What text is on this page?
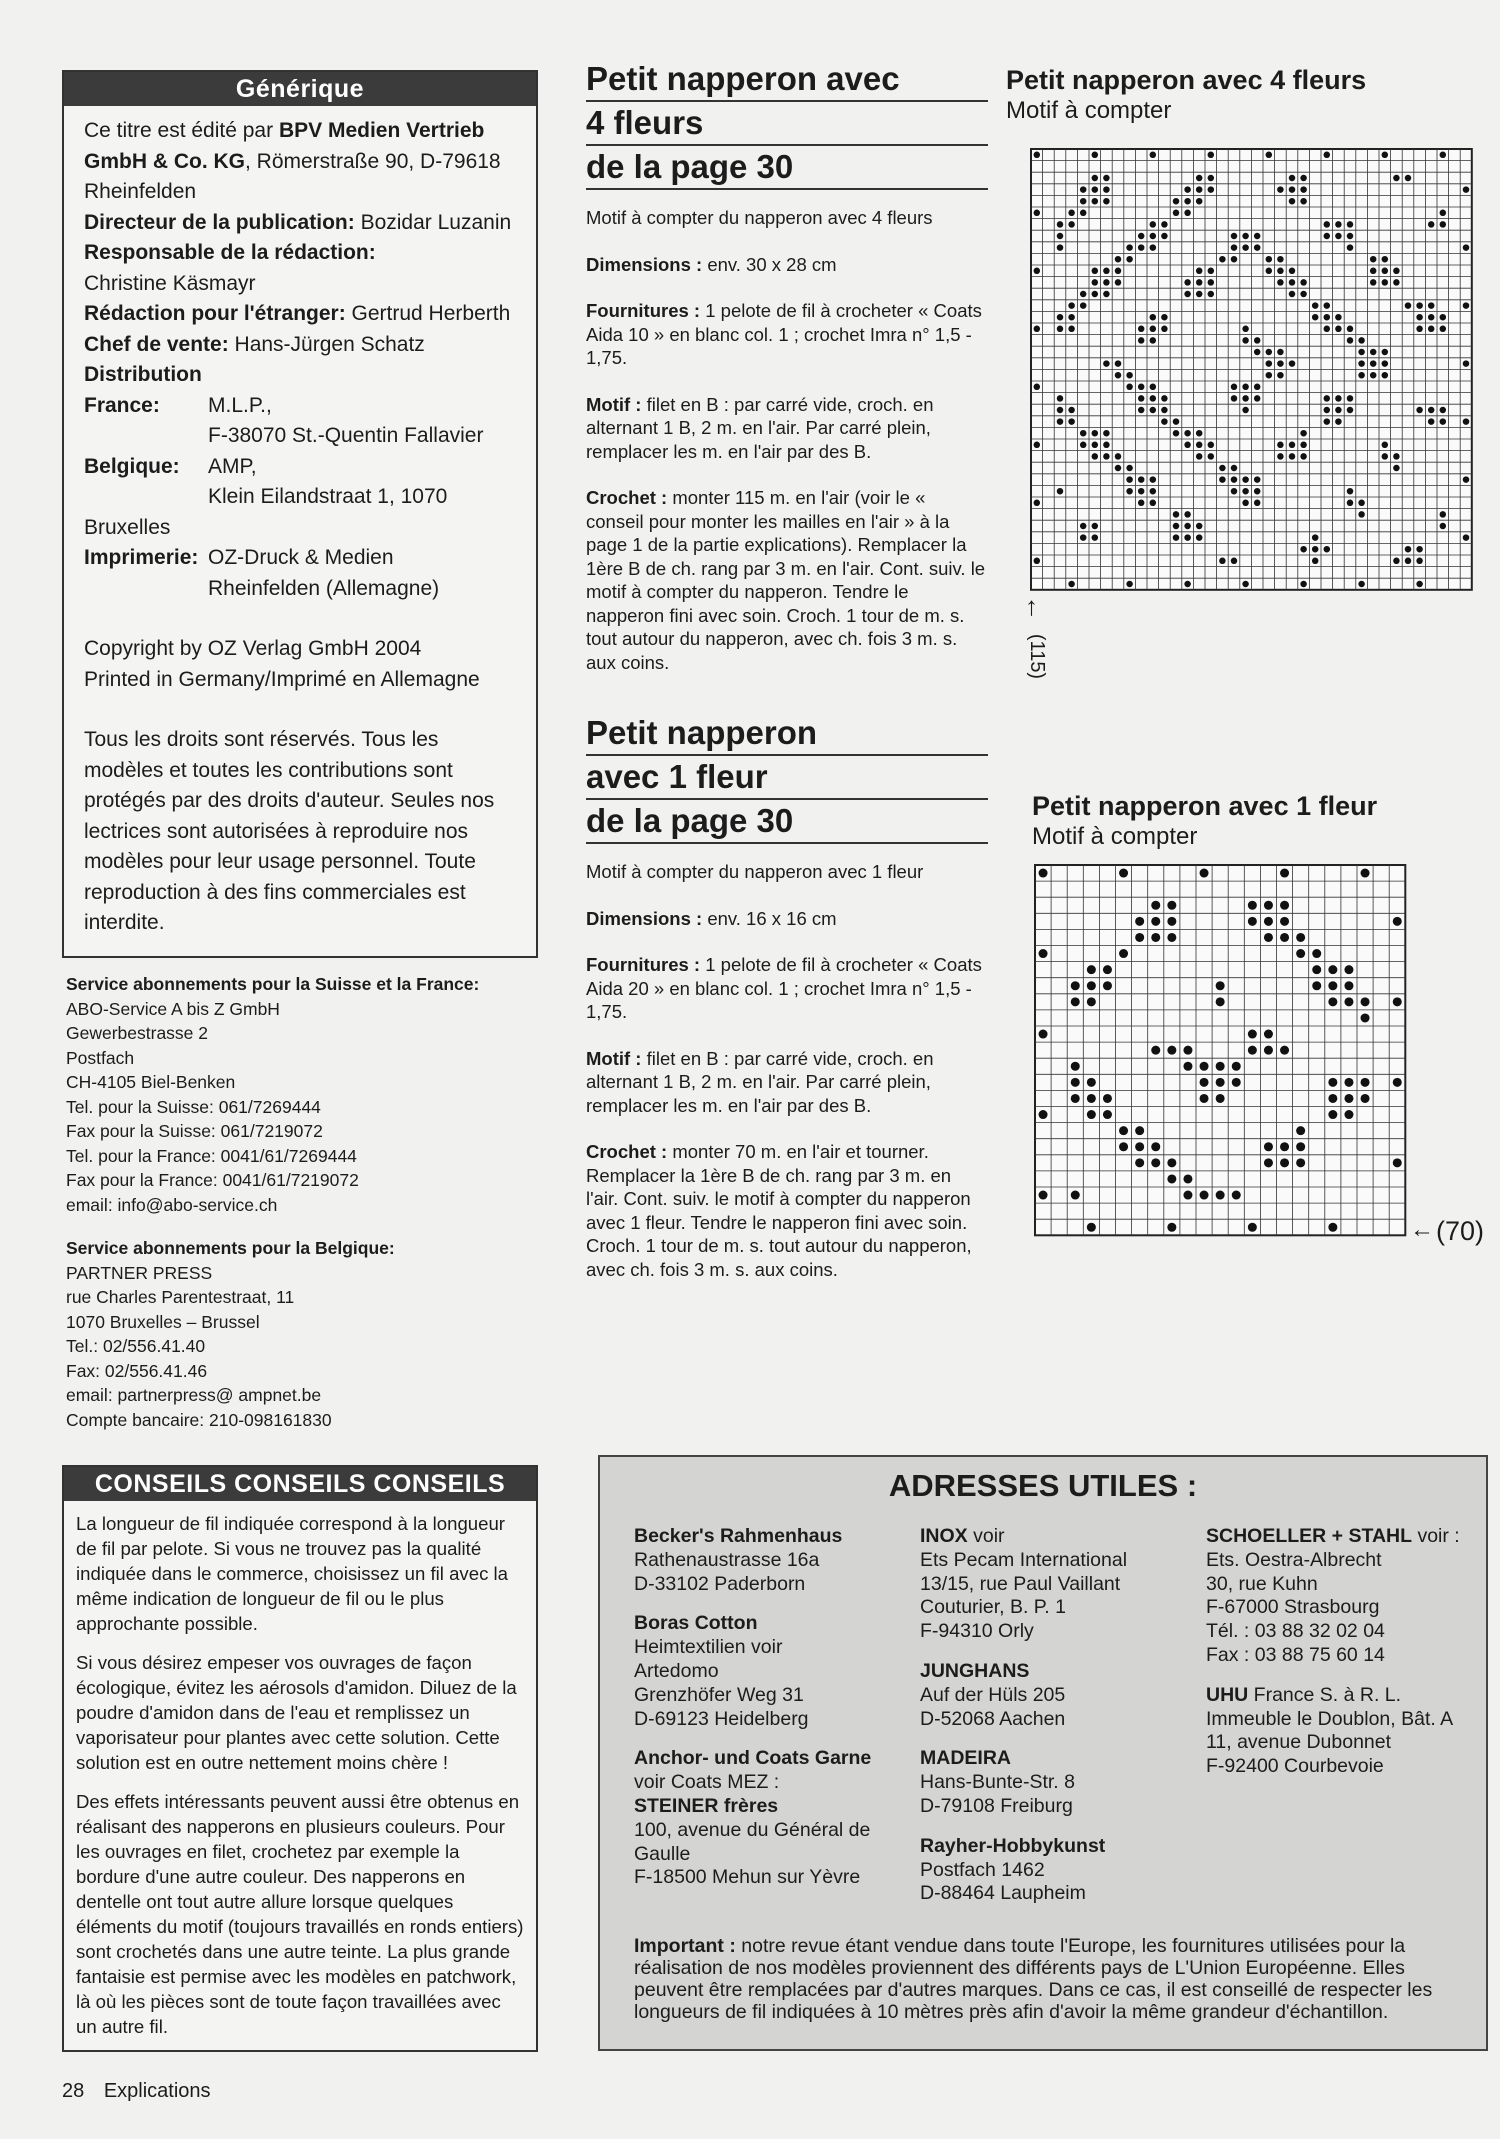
Générique

Ce titre est édité par BPV Medien Vertrieb GmbH & Co. KG, Römerstraße 90, D-79618 Rheinfelden

Directeur de la publication: Bozidar Luzanin

Responsable de la rédaction:

Christine Käsmayr

Rédaction pour l'étranger: Gertrud Herberth

Chef de vente: Hans-Jürgen Schatz

Distribution

France:	M.L.P.,
F-38070 St.-Quentin Fallavier
Belgique:	AMP,
Klein Eilandstraat 1, 1070

Bruxelles

Imprimerie: OZ-Druck & Medien
Rheinfelden (Allemagne)

Copyright by OZ Verlag GmbH 2004

Printed in Germany/Imprimé en Allemagne

Tous les droits sont réservés. Tous les modèles et toutes les contributions sont protégés par des droits d'auteur. Seules nos lectrices sont autorisées à reproduire nos modèles pour leur usage personnel. Toute reproduction à des fins commerciales est interdite.

Service abonnements pour la Suisse et la France:

ABO-Service A bis Z GmbH

Gewerbestrasse 2

Postfach

CH-4105 Biel-Benken

Tel. pour la Suisse: 061/7269444

Fax pour la Suisse: 061/7219072

Tel. pour la France: 0041/61/7269444

Fax pour la France: 0041/61/7219072

email: info@abo-service.ch

Service abonnements pour la Belgique:

PARTNER PRESS

rue Charles Parentestraat, 11

1070 Bruxelles – Brussel

Tel.: 02/556.41.40

Fax: 02/556.41.46

email: partnerpress@ ampnet.be

Compte bancaire: 210-098161830

Petit napperon avec
4 fleurs
de la page 30

Motif à compter du napperon avec 4 fleurs

Dimensions : env. 30 x 28 cm

Fournitures : 1 pelote de fil à crocheter « Coats Aida 10 » en blanc col. 1 ; crochet Imra n° 1,5 - 1,75.

Motif : filet en B : par carré vide, croch. en alternant 1 B, 2 m. en l'air. Par carré plein, remplacer les m. en l'air par des B.

Crochet : monter 115 m. en l'air (voir le « conseil pour monter les mailles en l'air » à la page 1 de la partie explications). Remplacer la 1ère B de ch. rang par 3 m. en l'air. Cont. suiv. le motif à compter du napperon. Tendre le napperon fini avec soin. Croch. 1 tour de m. s. tout autour du napperon, avec ch. fois 3 m. s. aux coins.

Petit napperon
avec 1 fleur
de la page 30

Motif à compter du napperon avec 1 fleur

Dimensions : env. 16 x 16 cm

Fournitures : 1 pelote de fil à crocheter « Coats Aida 20 » en blanc col. 1 ; crochet Imra n° 1,5 - 1,75.

Motif : filet en B : par carré vide, croch. en alternant 1 B, 2 m. en l'air. Par carré plein, remplacer les m. en l'air par des B.

Crochet : monter 70 m. en l'air et tourner. Remplacer la 1ère B de ch. rang par 3 m. en l'air. Cont. suiv. le motif à compter du napperon avec 1 fleur. Tendre le napperon fini avec soin. Croch. 1 tour de m. s. tout autour du napperon, avec ch. fois 3 m. s. aux coins.

Petit napperon avec 4 fleurs
Motif à compter
↑
(115)
Petit napperon avec 1 fleur
Motif à compter
← (70)
CONSEILS CONSEILS CONSEILS

La longueur de fil indiquée correspond à la longueur de fil par pelote. Si vous ne trouvez pas la qualité indiquée dans le commerce, choisissez un fil avec la même indication de longueur de fil ou le plus approchante possible.

Si vous désirez empeser vos ouvrages de façon écologique, évitez les aérosols d'amidon. Diluez de la poudre d'amidon dans de l'eau et remplissez un vaporisateur pour plantes avec cette solution. Cette solution est en outre nettement moins chère !

Des effets intéressants peuvent aussi être obtenus en réalisant des napperons en plusieurs couleurs. Pour les ouvrages en filet, crochetez par exemple la bordure d'une autre couleur. Des napperons en dentelle ont tout autre allure lorsque quelques éléments du motif (toujours travaillés en ronds entiers) sont crochetés dans une autre teinte. La plus grande fantaisie est permise avec les modèles en patchwork, là où les pièces sont de toute façon travaillées avec un autre fil.

ADRESSES UTILES :

Becker's Rahmenhaus
Rathenaustrasse 16a
D-33102 Paderborn

Boras Cotton
Heimtextilien voir
Artedomo
Grenzhöfer Weg 31
D-69123 Heidelberg

Anchor- und Coats Garne
voir Coats MEZ :
STEINER frères
100, avenue du Général de Gaulle
F-18500 Mehun sur Yèvre

INOX voir
Ets Pecam International
13/15, rue Paul Vaillant
Couturier, B. P. 1
F-94310 Orly

JUNGHANS
Auf der Hüls 205
D-52068 Aachen

MADEIRA
Hans-Bunte-Str. 8
D-79108 Freiburg

Rayher-Hobbykunst
Postfach 1462
D-88464 Laupheim

SCHOELLER + STAHL voir :
Ets. Oestra-Albrecht
30, rue Kuhn
F-67000 Strasbourg
Tél. : 03 88 32 02 04
Fax : 03 88 75 60 14

UHU France S. à R. L.
Immeuble le Doublon, Bât. A
11, avenue Dubonnet
F-92400 Courbevoie

Important : notre revue étant vendue dans toute l'Europe, les fournitures utilisées pour la réalisation de nos modèles proviennent des différents pays de L'Union Européenne. Elles peuvent être remplacées par d'autres marques. Dans ce cas, il est conseillé de respecter les longueurs de fil indiquées à 10 mètres près afin d'avoir la même grandeur d'échantillon.
28 Explications
